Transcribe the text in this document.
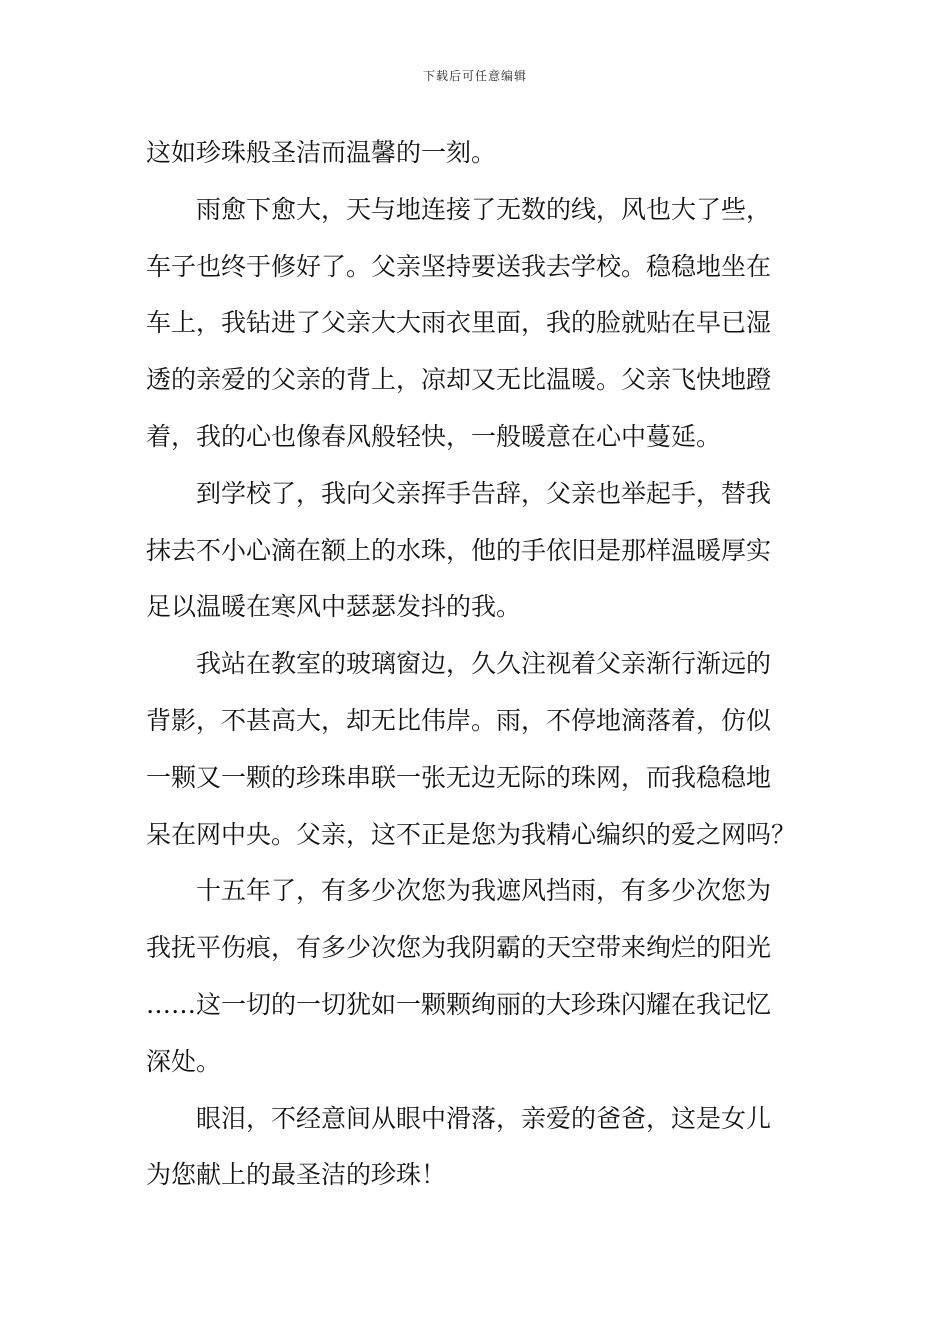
下载后可任意编辑
这如珍珠般圣洁而温馨的一刻。
雨愈下愈大，天与地连接了无数的线，风也大了些，
车子也终于修好了。父亲坚持要送我去学校。稳稳地坐在
车上，我钻进了父亲大大雨衣里面，我的脸就贴在早已湿
透的亲爱的父亲的背上，凉却又无比温暖。父亲飞快地蹬
着，我的心也像春风般轻快，一般暖意在心中蔓延。
到学校了，我向父亲挥手告辞，父亲也举起手，替我
抹去不小心滴在额上的水珠，他的手依旧是那样温暖厚实
足以温暖在寒风中瑟瑟发抖的我。
我站在教室的玻璃窗边，久久注视着父亲渐行渐远的
背影，不甚高大，却无比伟岸。雨，不停地滴落着，仿似
一颗又一颗的珍珠串联一张无边无际的珠网，而我稳稳地
呆在网中央。父亲，这不正是您为我精心编织的爱之网吗？
十五年了，有多少次您为我遮风挡雨，有多少次您为
我抚平伤痕，有多少次您为我阴霸的天空带来绚烂的阳光
……这一切的一切犹如一颗颗绚丽的大珍珠闪耀在我记忆
深处。
眼泪，不经意间从眼中滑落，亲爱的爸爸，这是女儿
为您献上的最圣洁的珍珠！
